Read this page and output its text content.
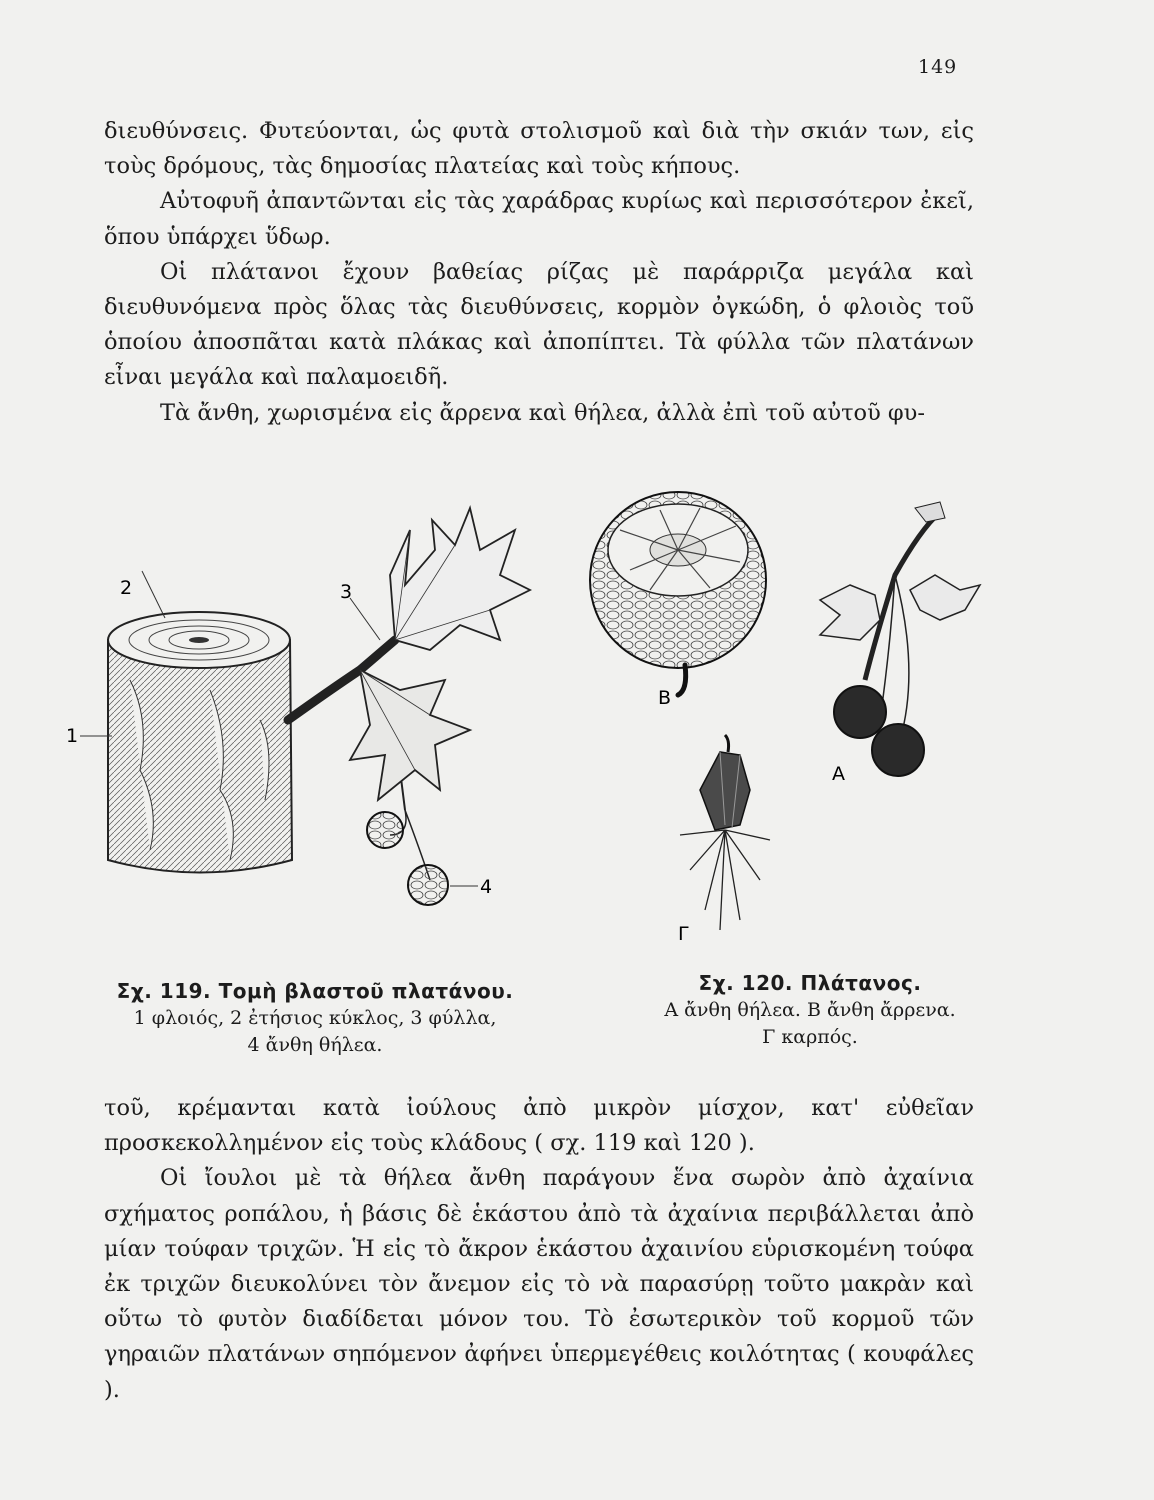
149

διευθύνσεις. Φυτεύονται, ὡς φυτὰ στολισμοῦ καὶ διὰ τὴν σκιάν των, εἰς τοὺς δρόμους, τὰς δημοσίας πλατείας καὶ τοὺς κήπους.

Αὐτοφυῆ ἀπαντῶνται εἰς τὰς χαράδρας κυρίως καὶ περισσότερον ἐκεῖ, ὅπου ὑπάρχει ὕδωρ.

Οἱ πλάτανοι ἔχουν βαθείας ρίζας μὲ παράρριζα μεγάλα καὶ διευθυνόμενα πρὸς ὅλας τὰς διευθύνσεις, κορμὸν ὀγκώδη, ὁ φλοιὸς τοῦ ὁποίου ἀποσπᾶται κατὰ πλάκας καὶ ἀποπίπτει. Τὰ φύλλα τῶν πλατάνων εἶναι μεγάλα καὶ παλαμοειδῆ.

Τὰ ἄνθη, χωρισμένα εἰς ἄρρενα καὶ θήλεα, ἀλλὰ ἐπὶ τοῦ αὐτοῦ φυ-

2	3
1
4
B
A
Γ
Σχ. 119. Τομὴ βλαστοῦ πλατάνου.
1 φλοιός, 2 ἐτήσιος κύκλος, 3 φύλλα,
4 ἄνθη θήλεα.
Σχ. 120. Πλάτανος.
A ἄνθη θήλεα. B ἄνθη ἄρρενα.
Γ καρπός.

τοῦ, κρέμανται κατὰ ἰούλους ἀπὸ μικρὸν μίσχον, κατ' εὐθεῖαν προσκεκολλημένον εἰς τοὺς κλάδους ( σχ. 119 καὶ 120 ).

Οἱ ἴουλοι μὲ τὰ θήλεα ἄνθη παράγουν ἕνα σωρὸν ἀπὸ ἀχαίνια σχήματος ροπάλου, ἡ βάσις δὲ ἑκάστου ἀπὸ τὰ ἀχαίνια περιβάλλεται ἀπὸ μίαν τούφαν τριχῶν. Ἡ εἰς τὸ ἄκρον ἑκάστου ἀχαινίου εὑρισκομένη τούφα ἐκ τριχῶν διευκολύνει τὸν ἄνεμον εἰς τὸ νὰ παρασύρῃ τοῦτο μακρὰν καὶ οὕτω τὸ φυτὸν διαδίδεται μόνον του. Τὸ ἐσωτερικὸν τοῦ κορμοῦ τῶν γηραιῶν πλατάνων σηπόμενον ἀφήνει ὑπερμεγέθεις κοιλότητας ( κουφάλες ).
